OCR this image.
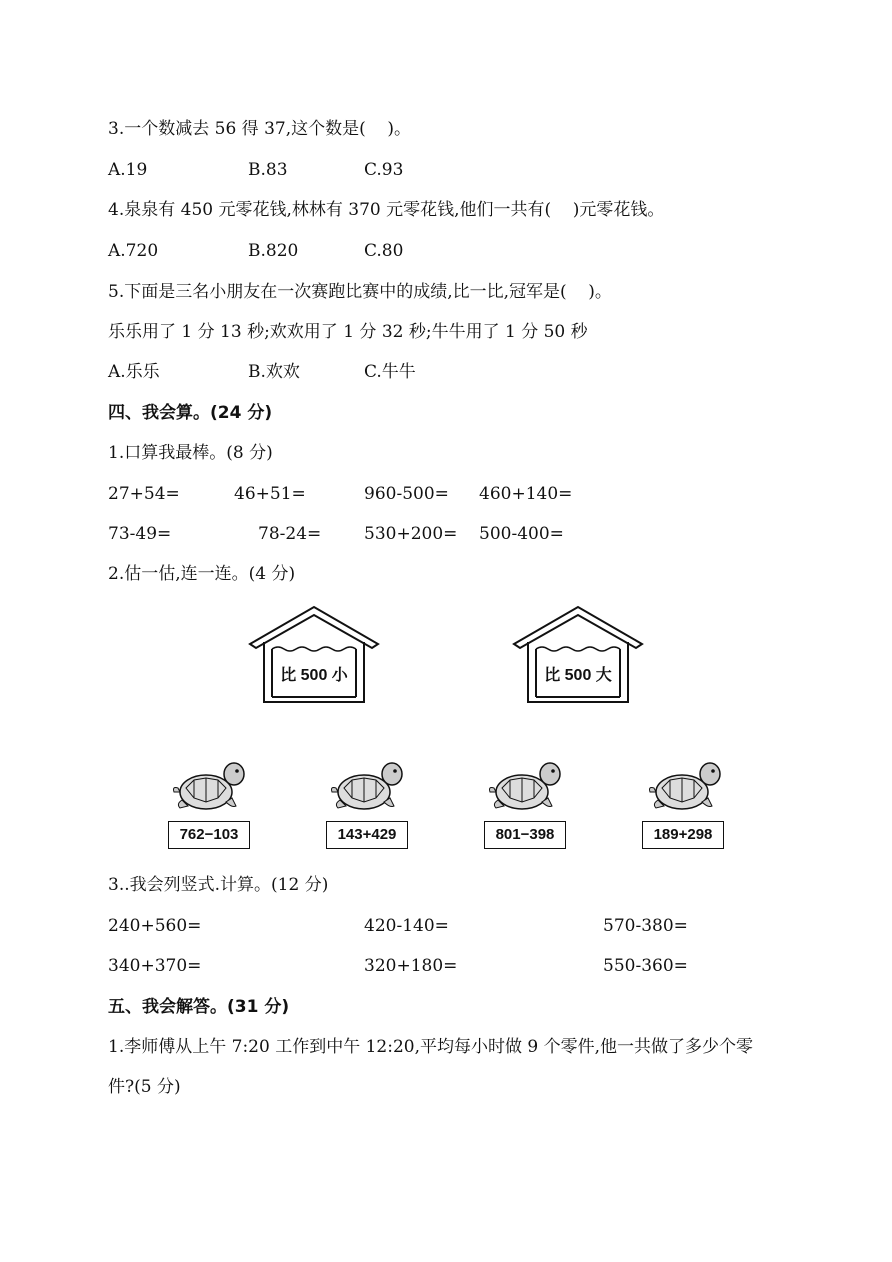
3.一个数减去 56 得 37,这个数是(    )。
A.19	B.83	C.93
4.泉泉有 450 元零花钱,林林有 370 元零花钱,他们一共有(    )元零花钱。
A.720	B.820	C.80
5.下面是三名小朋友在一次赛跑比赛中的成绩,比一比,冠军是(    )。
乐乐用了 1 分 13 秒;欢欢用了 1 分 32 秒;牛牛用了 1 分 50 秒
A.乐乐	B.欢欢	C.牛牛
四、我会算。(24 分)
1.口算我最棒。(8 分)
27+54=	46+51=	960-500= 460+140=
73-49=	78-24=	530+200= 500-400=
2.估一估,连一连。(4 分)
比 500 小	比 500 大
762−103	143+429	801−398	189+298
3..我会列竖式.计算。(12 分)
240+560=	420-140=	570-380=
340+370=	320+180=	550-360=
五、我会解答。(31 分)
1.李师傅从上午 7:20 工作到中午 12:20,平均每小时做 9 个零件,他一共做了多少个零
件?(5 分)
